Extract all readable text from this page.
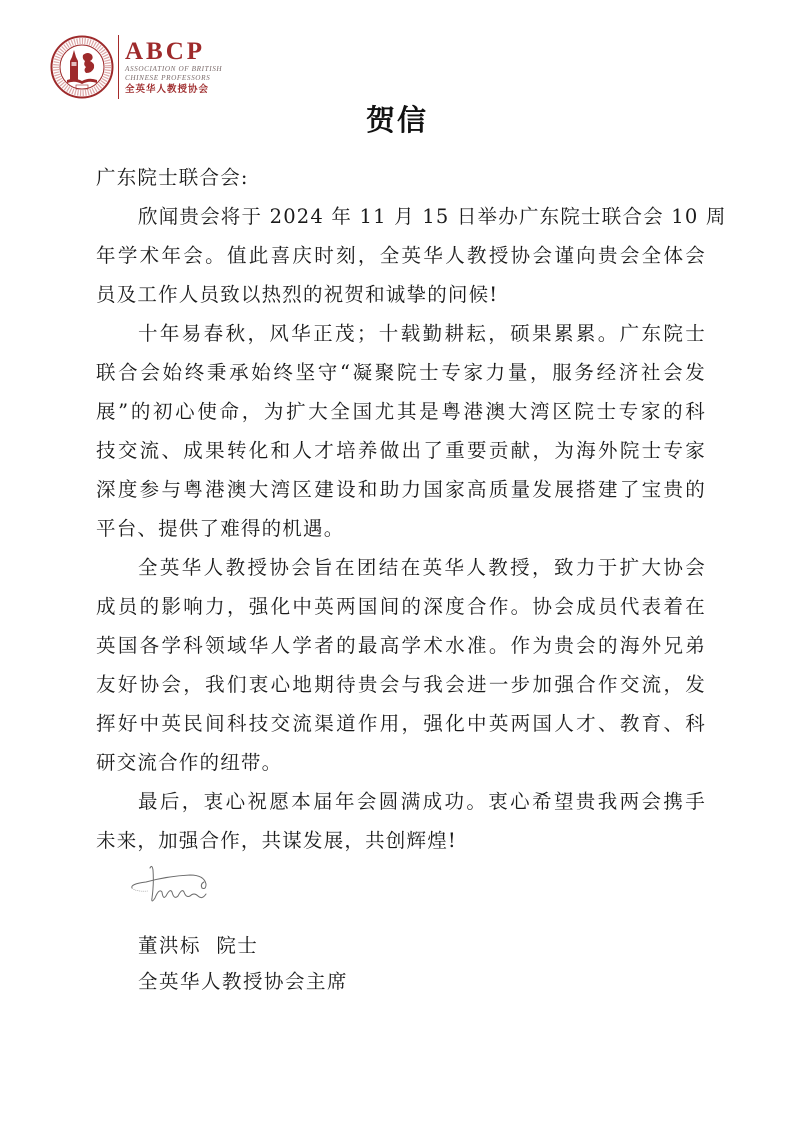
ABCP
ASSOCIATION OF BRITISH
CHINESE PROFESSORS
全英华人教授协会
贺信
广东院士联合会:
欣闻贵会将于 2024 年 11 月 15 日举办广东院士联合会 10 周
年学术年会。值此喜庆时刻，全英华人教授协会谨向贵会全体会
员及工作人员致以热烈的祝贺和诚挚的问候!
十年易春秋，风华正茂；十载勤耕耘，硕果累累。广东院士
联合会始终秉承始终坚守“凝聚院士专家力量，服务经济社会发
展”的初心使命，为扩大全国尤其是粤港澳大湾区院士专家的科
技交流、成果转化和人才培养做出了重要贡献，为海外院士专家
深度参与粤港澳大湾区建设和助力国家高质量发展搭建了宝贵的
平台、提供了难得的机遇。
全英华人教授协会旨在团结在英华人教授，致力于扩大协会
成员的影响力，强化中英两国间的深度合作。协会成员代表着在
英国各学科领域华人学者的最高学术水准。作为贵会的海外兄弟
友好协会，我们衷心地期待贵会与我会进一步加强合作交流，发
挥好中英民间科技交流渠道作用，强化中英两国人才、教育、科
研交流合作的纽带。
最后，衷心祝愿本届年会圆满成功。衷心希望贵我两会携手
未来，加强合作，共谋发展，共创辉煌!
董洪标  院士
全英华人教授协会主席
